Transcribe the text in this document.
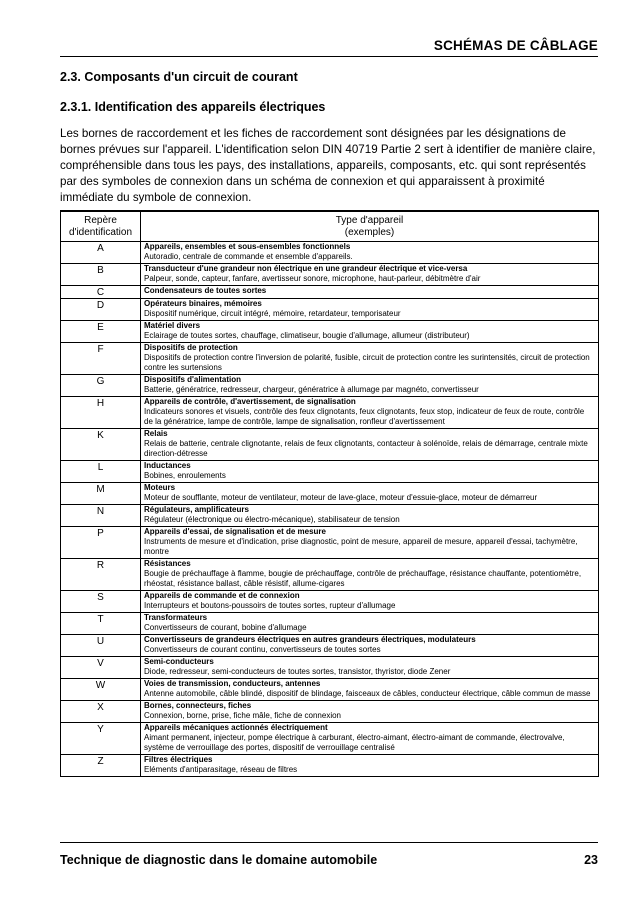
SCHÉMAS DE CÂBLAGE
2.3. Composants d'un circuit de courant
2.3.1. Identification des appareils électriques

Les bornes de raccordement et les fiches de raccordement sont désignées par les désignations de bornes prévues sur l'appareil. L'identification selon DIN 40719 Partie 2 sert à identifier de manière claire, compréhensible dans tous les pays, des installations, appareils, composants, etc. qui sont représentés par des symboles de connexion dans un schéma de connexion et qui apparaissent à proximité immédiate du symbole de connexion.

Repère
d'identification	Type d'appareil
(exemples)
A	Appareils, ensembles et sous-ensembles fonctionnels
Autoradio, centrale de commande et ensemble d'appareils.

B	Transducteur d'une grandeur non électrique en une grandeur électrique et vice-versa
Palpeur, sonde, capteur, fanfare, avertisseur sonore, microphone, haut-parleur, débitmètre d'air

C	Condensateurs de toutes sortes

D	Opérateurs binaires, mémoires
Dispositif numérique, circuit intégré, mémoire, retardateur, temporisateur

E	Matériel divers
Eclairage de toutes sortes, chauffage, climatiseur, bougie d'allumage, allumeur (distributeur)

F	Dispositifs de protection
Dispositifs de protection contre l'inversion de polarité, fusible, circuit de protection contre les surintensités, circuit de protection contre les surtensions

G	Dispositifs d'alimentation
Batterie, génératrice, redresseur, chargeur, génératrice à allumage par magnéto, convertisseur

H	Appareils de contrôle, d'avertissement, de signalisation
Indicateurs sonores et visuels, contrôle des feux clignotants, feux clignotants, feux stop, indicateur de feux de route, contrôle de la génératrice, lampe de contrôle, lampe de signalisation, ronfleur d'avertissement

K	Relais
Relais de batterie, centrale clignotante, relais de feux clignotants, contacteur à solénoïde, relais de démarrage, centrale mixte direction-détresse

L	Inductances
Bobines, enroulements

M	Moteurs
Moteur de soufflante, moteur de ventilateur, moteur de lave-glace, moteur d'essuie-glace, moteur de démarreur

N	Régulateurs, amplificateurs
Régulateur (électronique ou électro-mécanique), stabilisateur de tension

P	Appareils d'essai, de signalisation et de mesure
Instruments de mesure et d'indication, prise diagnostic, point de mesure, appareil de mesure, appareil d'essai, tachymètre, montre

R	Résistances
Bougie de préchauffage à flamme, bougie de préchauffage, contrôle de préchauffage, résistance chauffante, potentiomètre, rhéostat, résistance ballast, câble résistif, allume-cigares

S	Appareils de commande et de connexion
Interrupteurs et boutons-poussoirs de toutes sortes, rupteur d'allumage

T	Transformateurs
Convertisseurs de courant, bobine d'allumage

U	Convertisseurs de grandeurs électriques en autres grandeurs électriques, modulateurs
Convertisseurs de courant continu, convertisseurs de toutes sortes

V	Semi-conducteurs
Diode, redresseur, semi-conducteurs de toutes sortes, transistor, thyristor, diode Zener

W	Voies de transmission, conducteurs, antennes
Antenne automobile, câble blindé, dispositif de blindage, faisceaux de câbles, conducteur électrique, câble commun de masse

X	Bornes, connecteurs, fiches
Connexion, borne, prise, fiche mâle, fiche de connexion

Y	Appareils mécaniques actionnés électriquement
Aimant permanent, injecteur, pompe électrique à carburant, électro-aimant, électro-aimant de commande, électrovalve, système de verrouillage des portes, dispositif de verrouillage centralisé

Z	Filtres électriques
Eléments d'antiparasitage, réseau de filtres
Technique de diagnostic dans le domaine automobile	23
